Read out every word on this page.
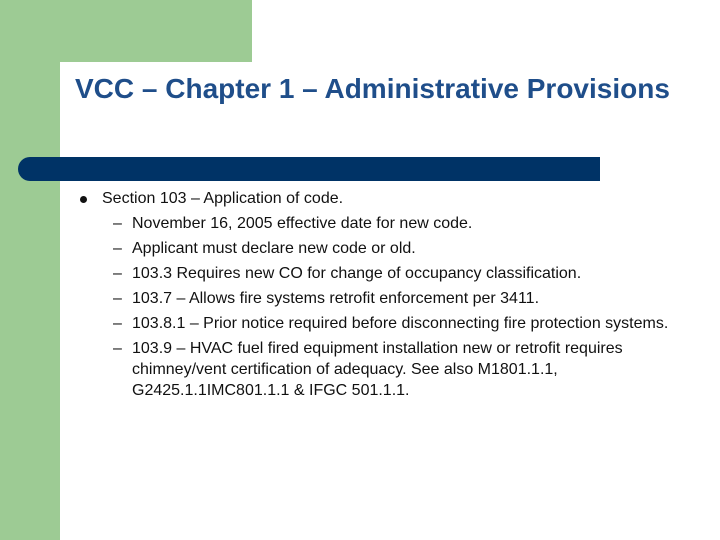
VCC – Chapter 1 – Administrative Provisions
Section 103 – Application of code.
– November 16, 2005 effective date for new code.
– Applicant must declare new code or old.
– 103.3 Requires new CO for change of occupancy classification.
– 103.7 – Allows fire systems retrofit enforcement per 3411.
– 103.8.1 – Prior notice required before disconnecting fire protection systems.
– 103.9 – HVAC fuel fired equipment installation new or retrofit requires chimney/vent certification of adequacy. See also M1801.1.1, G2425.1.1IMC801.1.1 & IFGC 501.1.1.
